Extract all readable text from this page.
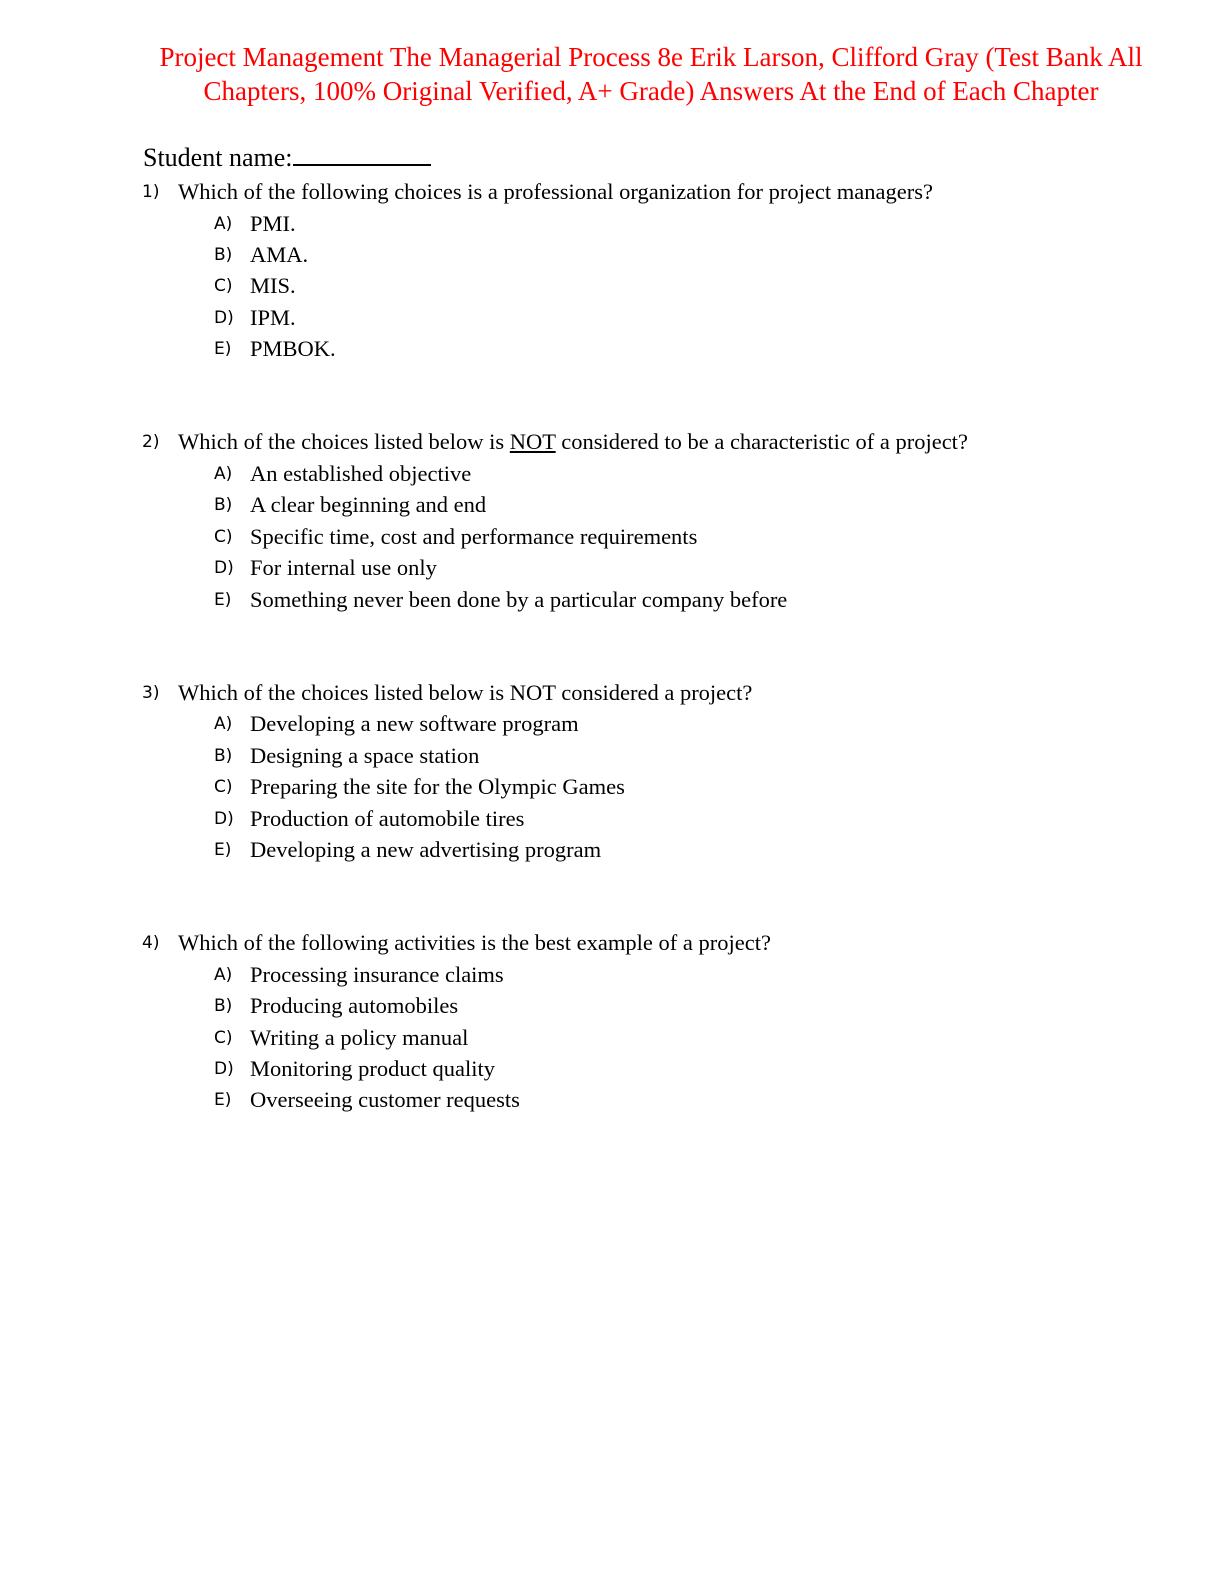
Project Management The Managerial Process 8e Erik Larson, Clifford Gray (Test Bank All
Chapters, 100% Original Verified, A+ Grade) Answers At the End of Each Chapter
Student name:
1) Which of the following choices is a professional organization for project managers?
A) PMI.
B) AMA.
C) MIS.
D) IPM.
E) PMBOK.
2) Which of the choices listed below is NOT considered to be a characteristic of a project?
A) An established objective
B) A clear beginning and end
C) Specific time, cost and performance requirements
D) For internal use only
E) Something never been done by a particular company before
3) Which of the choices listed below is NOT considered a project?
A) Developing a new software program
B) Designing a space station
C) Preparing the site for the Olympic Games
D) Production of automobile tires
E) Developing a new advertising program
4) Which of the following activities is the best example of a project?
A) Processing insurance claims
B) Producing automobiles
C) Writing a policy manual
D) Monitoring product quality
E) Overseeing customer requests
